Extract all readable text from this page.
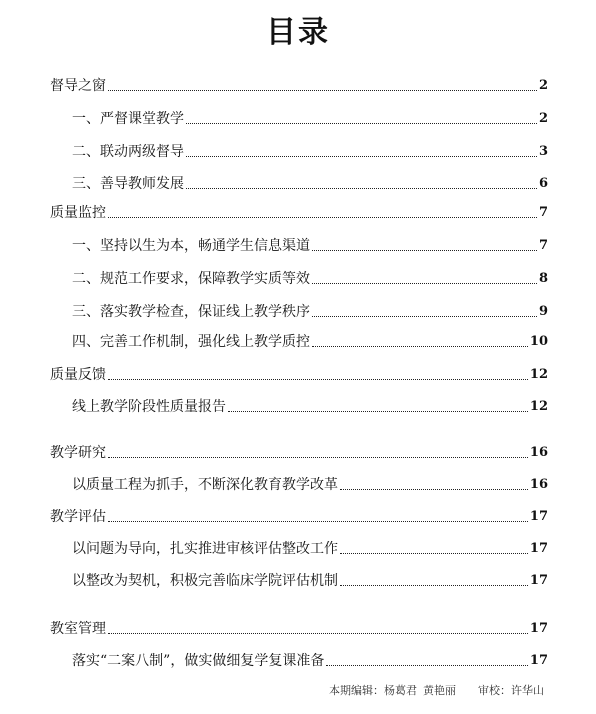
目录
督导之窗	2
一、严督课堂教学	2
二、联动两级督导	3
三、善导教师发展	6
质量监控	7
一、坚持以生为本，畅通学生信息渠道	7
二、规范工作要求，保障教学实质等效	8
三、落实教学检查，保证线上教学秩序	9
四、完善工作机制，强化线上教学质控	10
质量反馈	12
线上教学阶段性质量报告	12
教学研究	16
以质量工程为抓手，不断深化教育教学改革	16
教学评估	17
以问题为导向，扎实推进审核评估整改工作	17
以整改为契机，积极完善临床学院评估机制	17
教室管理	17
落实“二案八制”，做实做细复学复课准备	17
本期编辑：杨葛君 黄艳丽 审校：许华山
